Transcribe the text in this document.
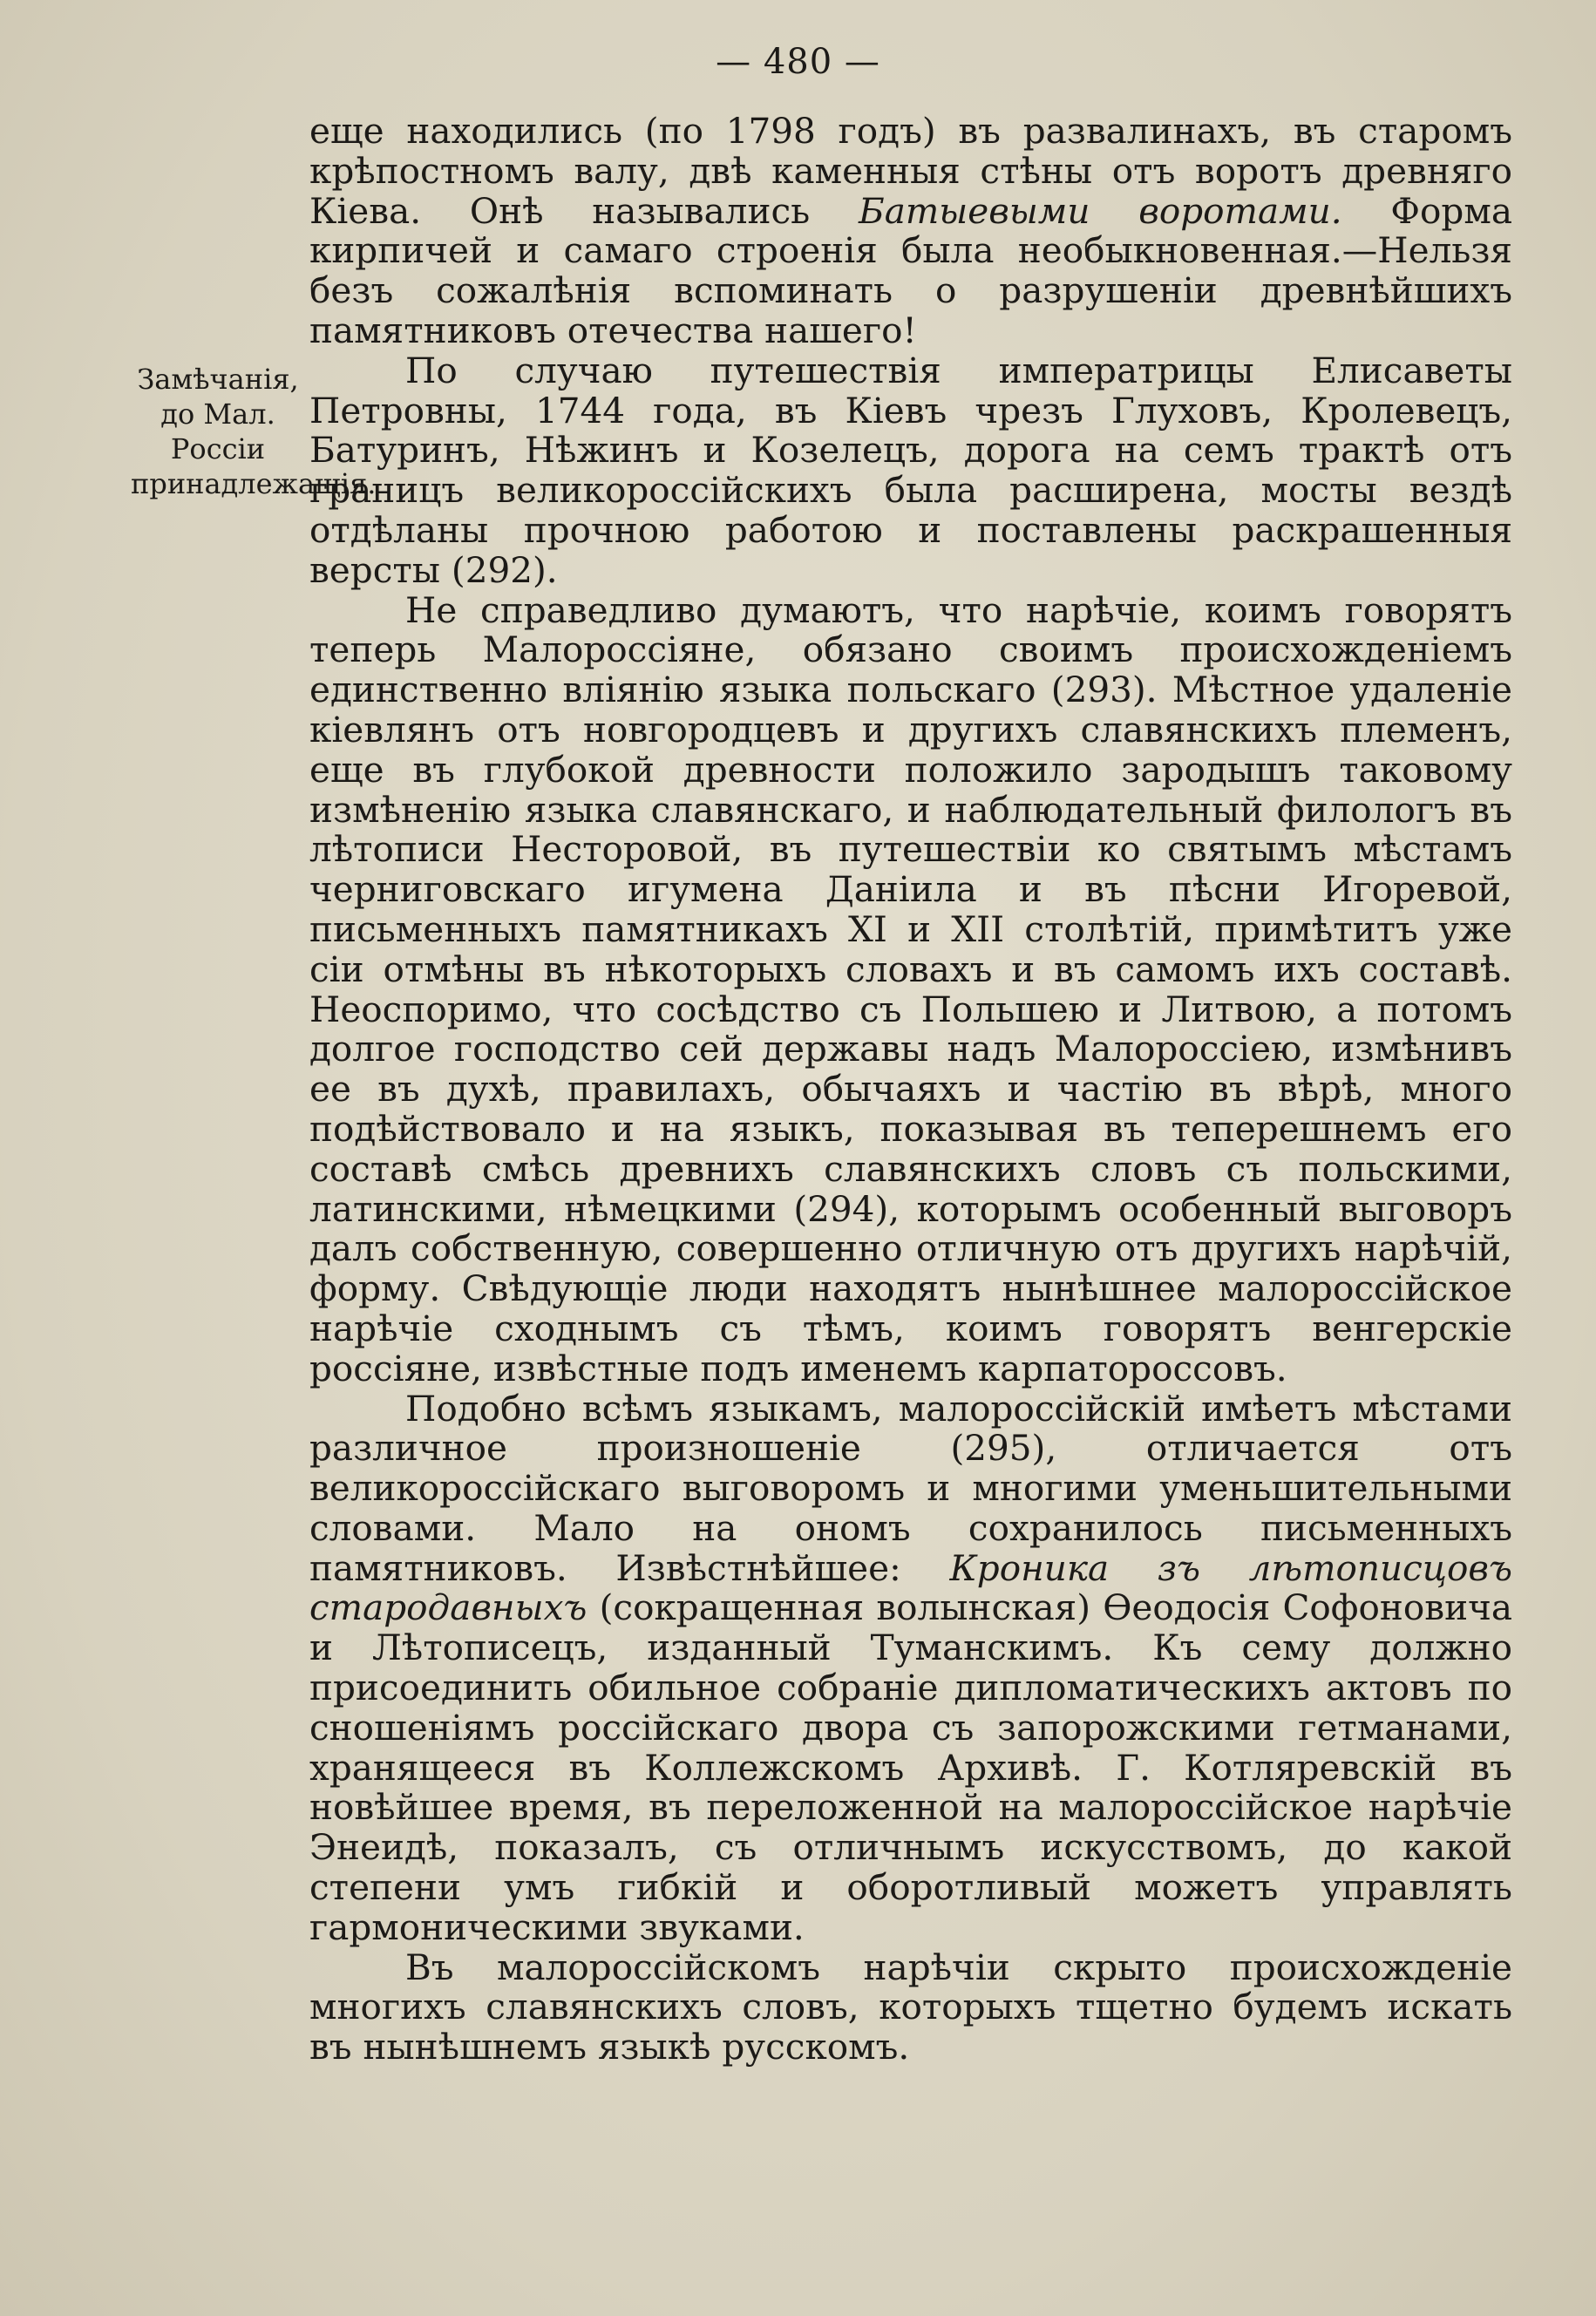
— 480 —
Замѣчанія, до Мал. Россіи принадлежащія.

еще находились (по 1798 годъ) въ развалинахъ, въ старомъ крѣпостномъ валу, двѣ каменныя стѣны отъ воротъ древняго Кіева. Онѣ назывались Батыевыми воротами. Форма кирпичей и самаго строенія была необыкновенная.—Нельзя безъ сожалѣнія вспоминать о разрушеніи древнѣйшихъ памятниковъ отечества нашего!

По случаю путешествія императрицы Елисаветы Петровны, 1744 года, въ Кіевъ чрезъ Глуховъ, Кролевецъ, Батуринъ, Нѣжинъ и Козелецъ, дорога на семъ трактѣ отъ границъ великороссійскихъ была расширена, мосты вездѣ отдѣланы прочною работою и поставлены раскрашенныя версты (292).

Не справедливо думаютъ, что нарѣчіе, коимъ говорятъ теперь Малороссіяне, обязано своимъ происхожденіемъ единственно вліянію языка польскаго (293). Мѣстное удаленіе кіевлянъ отъ новгородцевъ и другихъ славянскихъ племенъ, еще въ глубокой древности положило зародышъ таковому измѣненію языка славянскаго, и наблюдательный филологъ въ лѣтописи Несторовой, въ путешествіи ко святымъ мѣстамъ черниговскаго игумена Даніила и въ пѣсни Игоревой, письменныхъ памятникахъ XI и XII столѣтій, примѣтитъ уже сіи отмѣны въ нѣкоторыхъ словахъ и въ самомъ ихъ составѣ. Неоспоримо, что сосѣдство съ Польшею и Литвою, а потомъ долгое господство сей державы надъ Малороссіею, измѣнивъ ее въ духѣ, правилахъ, обычаяхъ и частію въ вѣрѣ, много подѣйствовало и на языкъ, показывая въ теперешнемъ его составѣ смѣсь древнихъ славянскихъ словъ съ польскими, латинскими, нѣмецкими (294), которымъ особенный выговоръ далъ собственную, совершенно отличную отъ другихъ нарѣчій, форму. Свѣдующіе люди находятъ нынѣшнее малороссійское нарѣчіе сходнымъ съ тѣмъ, коимъ говорятъ венгерскіе россіяне, извѣстные подъ именемъ карпатороссовъ.

Подобно всѣмъ языкамъ, малороссійскій имѣетъ мѣстами различное произношеніе (295), отличается отъ великороссійскаго выговоромъ и многими уменьшительными словами. Мало на ономъ сохранилось письменныхъ памятниковъ. Извѣстнѣйшее: Кроника зъ лѣтописцовъ стародавныхъ (сокращенная волынская) Ѳеодосія Софоновича и Лѣтописецъ, изданный Туманскимъ. Къ сему должно присоединить обильное собраніе дипломатическихъ актовъ по сношеніямъ россійскаго двора съ запорожскими гетманами, хранящееся въ Коллежскомъ Архивѣ. Г. Котляревскій въ новѣйшее время, въ переложенной на малороссійское нарѣчіе Энеидѣ, показалъ, съ отличнымъ искусствомъ, до какой степени умъ гибкій и оборотливый можетъ управлять гармоническими звуками.

Въ малороссійскомъ нарѣчіи скрыто происхожденіе многихъ славянскихъ словъ, которыхъ тщетно будемъ искать въ нынѣшнемъ языкѣ русскомъ.
